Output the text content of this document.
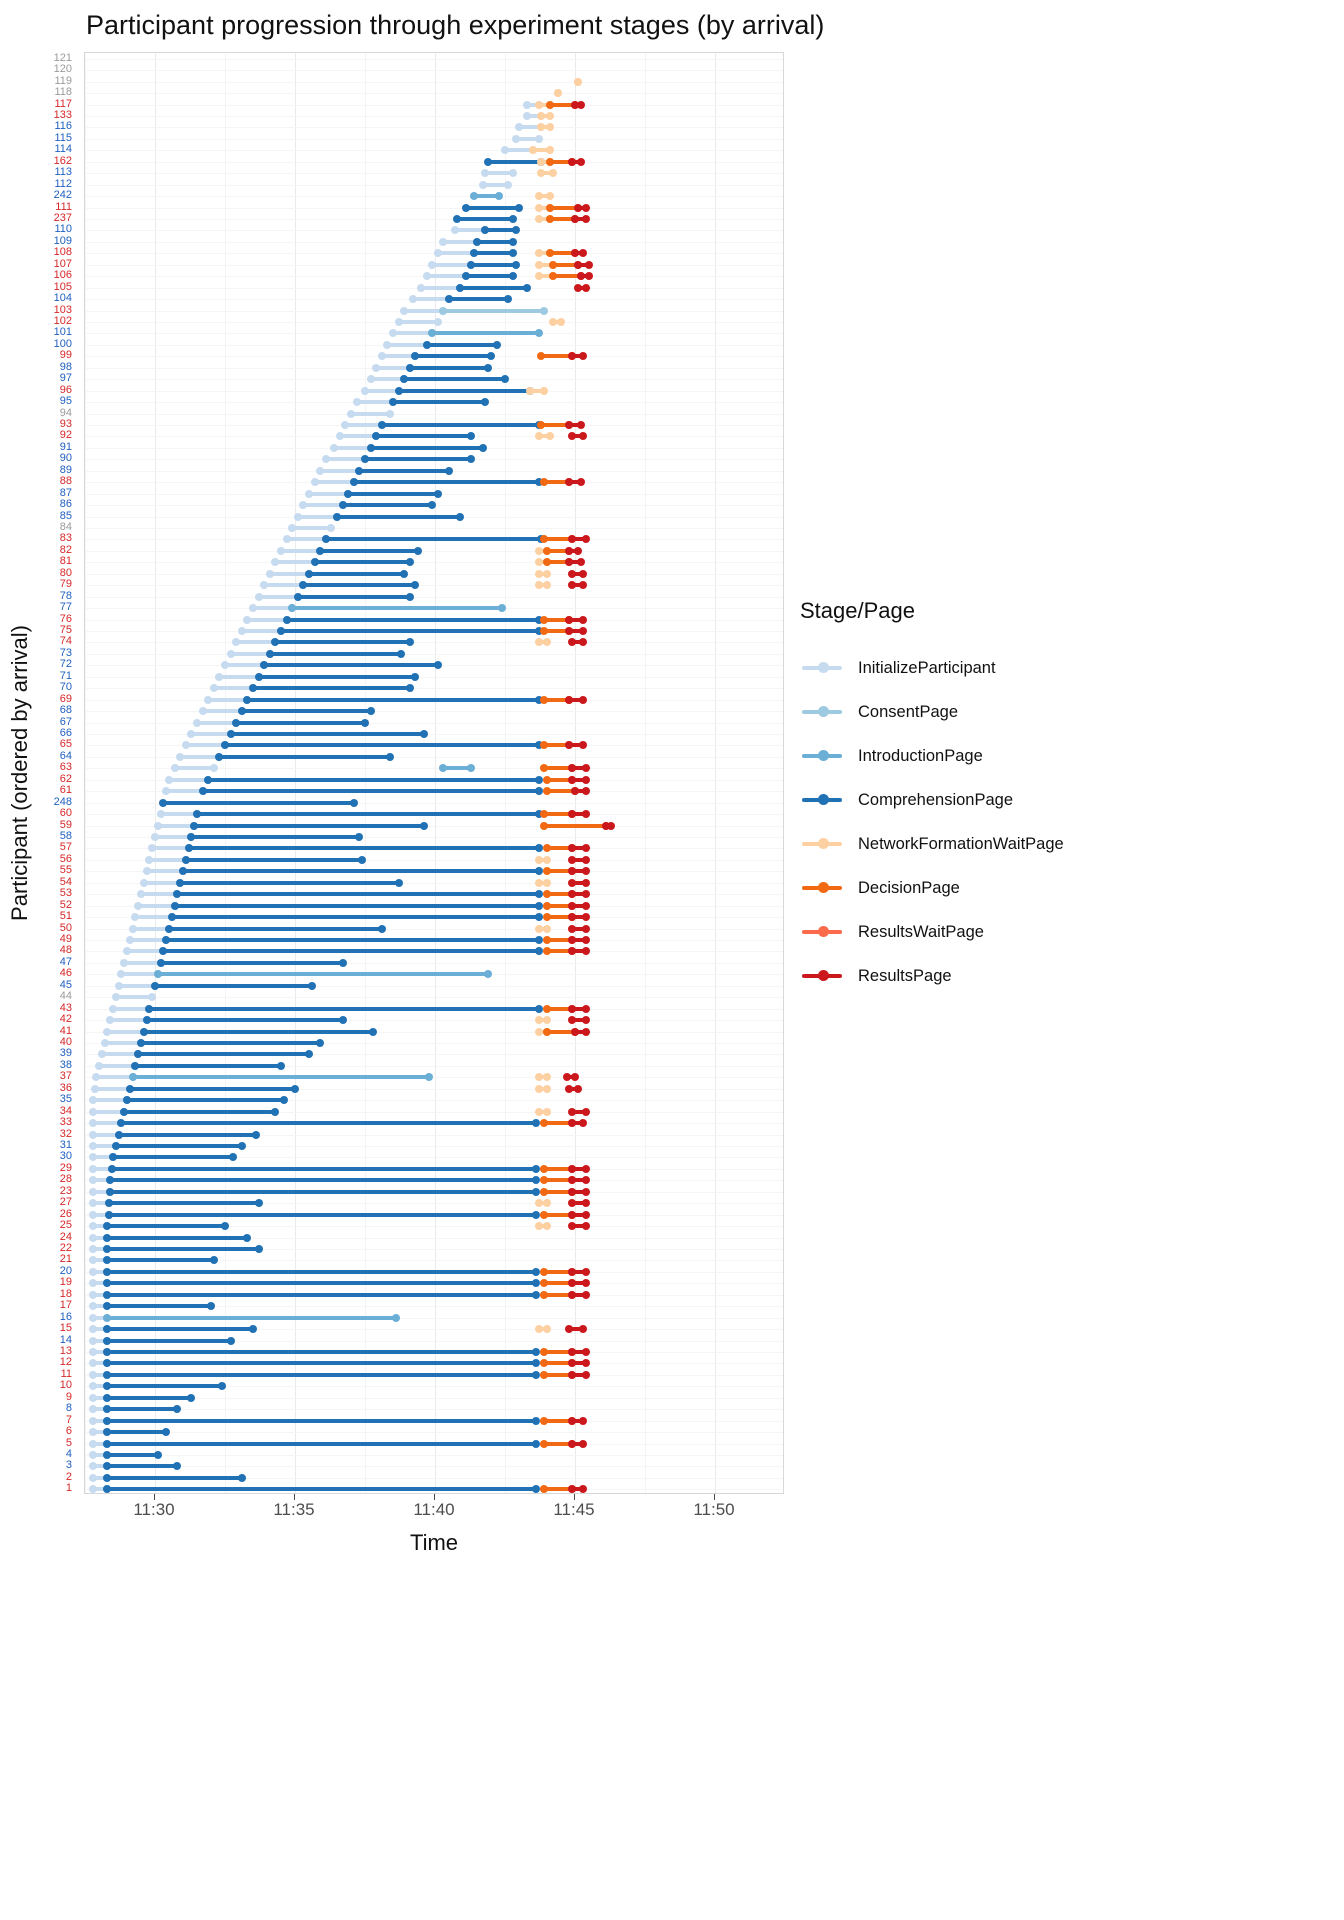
Participant progression through experiment stages (by arrival)
121
120
119
118
117
133
116
115
114
162
113
112
242
111
237
110
109
108
107
106
105
104
103
102
101
100
99
98
97
96
95
94
93
92
91
90
89
88
87
86
85
84
83
82
81
80
79
78
77
76
75
74
73
72
71
70
69
68
67
66
65
64
63
62
61
248
60
59
58
57
56
55
54
53
52
51
50
49
48
47
46
45
44
43
42
41
40
39
38
37
36
35
34
33
32
31
30
29
28
23
27
26
25
24
22
21
20
19
18
17
16
15
14
13
12
11
10
9
8
7
6
5
4
3
2
1
Participant (ordered by arrival)
11:30	11:35	11:40	11:45	11:50
Time
Stage/Page
InitializeParticipant
ConsentPage
IntroductionPage
ComprehensionPage
NetworkFormationWaitPage
DecisionPage
ResultsWaitPage
ResultsPage
